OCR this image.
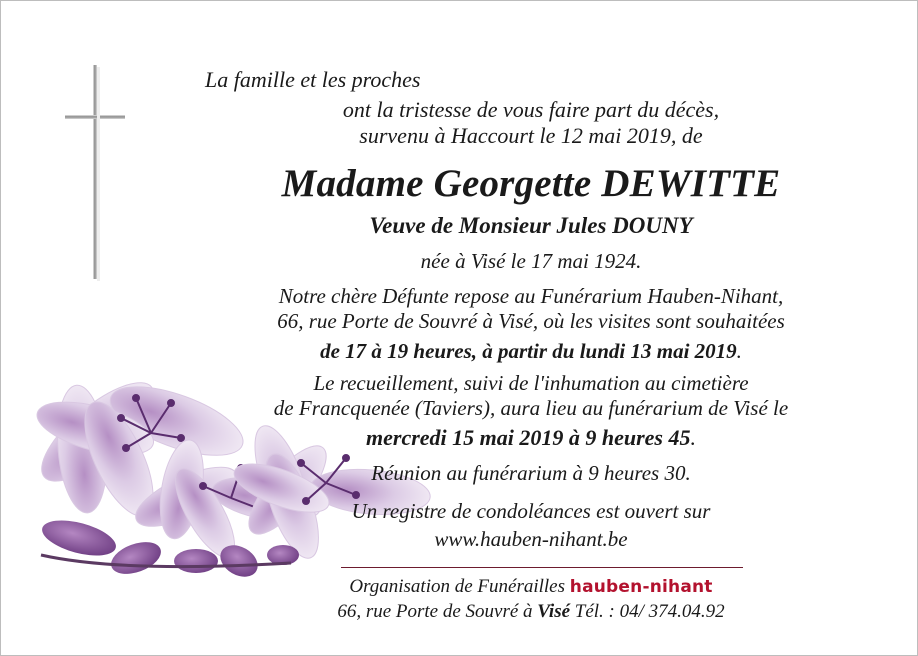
La famille et les proches
ont la tristesse de vous faire part du décès,
survenu à Haccourt le 12 mai 2019, de
Madame Georgette DEWITTE
Veuve de Monsieur Jules DOUNY
née à Visé le 17 mai 1924.
Notre chère Défunte repose au Funérarium Hauben-Nihant,
66, rue Porte de Souvré à Visé, où les visites sont souhaitées
de 17 à 19 heures, à partir du lundi 13 mai 2019.
Le recueillement, suivi de l'inhumation au cimetière
de Francquenée (Taviers), aura lieu au funérarium de Visé le
mercredi 15 mai 2019 à 9 heures 45.
Réunion au funérarium à 9 heures 30.
Un registre de condoléances est ouvert sur
www.hauben-nihant.be
Organisation de Funérailles hauben-nihant
66, rue Porte de Souvré à Visé Tél. : 04/ 374.04.92
